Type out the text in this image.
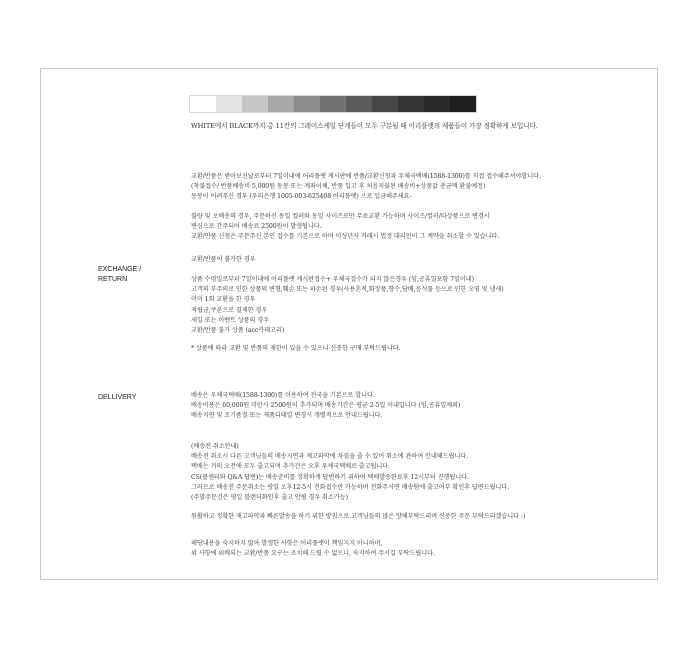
WHITE에서 BLACK까지 총 11칸의 그레이스케일 단계들이 모두 구분될 때 어리플랫의 제품들이 가장 정확하게 보입니다.
EXCHANGE /
RETURN
DELLIVERY
교환/반품은 받아보신날로부터 7일이내에 어리플랫 게시판에 반품/교환신청과 우체국택배(1588-1300)를 직접 접수해주셔야합니다.
(착불접수/ 반품배송비 5,000원 동봉 또는 계좌이체, 반품 입고 후 처음지불된 배송비+상품값 총금액 환불예정)
동봉이 어려우신 경우 (우리은행 1005-003-625408 어리플랫) 으로 입금해주세요-
불량 및 오배송의 경우, 주문하신 동일 컬러와 동일 사이즈로만 무료교환 가능하며 사이즈/컬러/타상품으로 변경시
변심으로 간주되어 배송료 2500원이 발생됩니다.
교환/반품 신청은 주문주신 본인 접수를 기본으로 하며 미성년자 거래시 법정 대리인이 그 계약을 취소할 수 있습니다.
교환/반품이 불가한 경우
상품 수령일로부터 7일이내에 어리플랫 게시판접수+ 우체국접수가 되지 않은경우 (임,공휴일포함 7일이내)
고객의 부주의로 인한 상품의 변형,훼손 또는 파손된 경우(사용흔적,화장품,향수,담배,음식물 등으로 인한 오염 및 냄새)
이미 1회 교환을 한 경우
적립금,쿠폰으로 결제한 경우
세일 또는 이벤트 상품의 경우
교환/반품 불가 상품 (acc카테고리)
* 상품에 따라 교환 및 반품의 제한이 있을 수 있으니 신중한 구매 부탁드립니다.
배송은 우체국택배(1588-1300)를 이용하여 전국을 기본으로 합니다.
배송비용은 60,000원 미만시 2500원이 추가되며 배송기간은 평균 2-5일 이내입니다 (임,공휴일제외)
배송지연 및 조기품절 또는 제품디테일 변경시 개별적으로 안내드립니다.
(배송전 취소안내)
배송전 취소시 다른 고객님들의 배송지연과 재고파악에 차질을 줄 수 있어 취소에 관하여 안내해드립니다.
택배는 거의 오전에 모두 출고되며 추가건은 오후 우체국택배로 출고됩니다.
CS(콜센터와 Q&A 답변)는 배송준비를 정확하게 답변하기 위하여 택배발송완료후 12시부터 진행됩니다.
그러므로 배송전 주문취소는 평일 오후12-5시 전화접수만 가능하며 전화주시면 배송팀에 출고여부 확인후 답변드립니다.
(주말주문건은 평일 블랜더화인후 출고 안될 경우 취소가능)
원활하고 정확한 재고파악과 빠른발송을 하기 위한 방침으로 고객님들의 많은 양해부탁드리며 신중한 주문 부탁드리겠습니다 :)
해당내용을 숙지하지 않아 발생한 사항은 어리플랫이 책임지지 아니하며,
위 사항에 위배되는 교환/반품 요구는 조치해 드릴 수 없으니, 숙지하여 주시길 부탁드립니다.
